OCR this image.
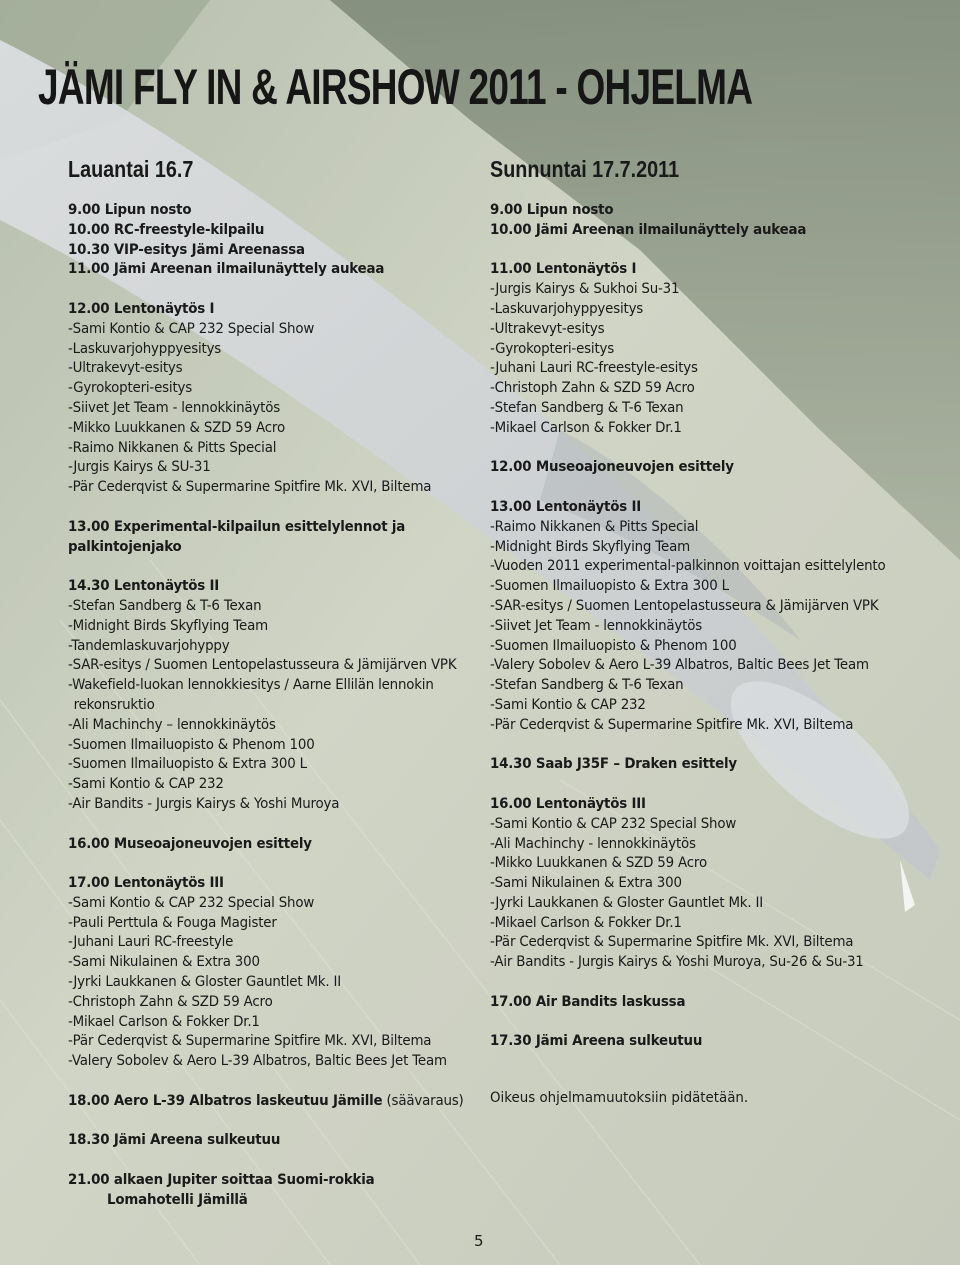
JÄMI FLY IN & AIRSHOW 2011 - OHJELMA
Lauantai 16.7
9.00 Lipun nosto
10.00 RC-freestyle-kilpailu
10.30 VIP-esitys Jämi Areenassa
11.00 Jämi Areenan ilmailunäyttely aukeaa
12.00 Lentonäytös I
-Sami Kontio & CAP 232 Special Show
-Laskuvarjohyppyesitys
-Ultrakevyt-esitys
-Gyrokopteri-esitys
-Siivet Jet Team - lennokkinäytös
-Mikko Luukkanen & SZD 59 Acro
-Raimo Nikkanen & Pitts Special
-Jurgis Kairys & SU-31
-Pär Cederqvist & Supermarine Spitfire Mk. XVI, Biltema
13.00 Experimental-kilpailun esittelylennot ja
palkintojenjako
14.30 Lentonäytös II
-Stefan Sandberg & T-6 Texan
-Midnight Birds Skyflying Team
-Tandemlaskuvarjohyppy
-SAR-esitys / Suomen Lentopelastusseura & Jämijärven VPK
-Wakefield-luokan lennokkiesitys / Aarne Ellilän lennokin
rekonsruktio
-Ali Machinchy – lennokkinäytös
-Suomen Ilmailuopisto & Phenom 100
-Suomen Ilmailuopisto & Extra 300 L
-Sami Kontio & CAP 232
-Air Bandits - Jurgis Kairys & Yoshi Muroya
16.00 Museoajoneuvojen esittely
17.00 Lentonäytös III
-Sami Kontio & CAP 232 Special Show
-Pauli Perttula & Fouga Magister
-Juhani Lauri RC-freestyle
-Sami Nikulainen & Extra 300
-Jyrki Laukkanen & Gloster Gauntlet Mk. II
-Christoph Zahn & SZD 59 Acro
-Mikael Carlson & Fokker Dr.1
-Pär Cederqvist & Supermarine Spitfire Mk. XVI, Biltema
-Valery Sobolev & Aero L-39 Albatros, Baltic Bees Jet Team
18.00 Aero L-39 Albatros laskeutuu Jämille (säävaraus)
18.30 Jämi Areena sulkeutuu
21.00 alkaen Jupiter soittaa Suomi-rokkia
Lomahotelli Jämillä
Sunnuntai 17.7.2011
9.00 Lipun nosto
10.00 Jämi Areenan ilmailunäyttely aukeaa
11.00 Lentonäytös I
-Jurgis Kairys & Sukhoi Su-31
-Laskuvarjohyppyesitys
-Ultrakevyt-esitys
-Gyrokopteri-esitys
-Juhani Lauri RC-freestyle-esitys
-Christoph Zahn & SZD 59 Acro
-Stefan Sandberg & T-6 Texan
-Mikael Carlson & Fokker Dr.1
12.00 Museoajoneuvojen esittely
13.00 Lentonäytös II
-Raimo Nikkanen & Pitts Special
-Midnight Birds Skyflying Team
-Vuoden 2011 experimental-palkinnon voittajan esittelylento
-Suomen Ilmailuopisto & Extra 300 L
-SAR-esitys / Suomen Lentopelastusseura & Jämijärven VPK
-Siivet Jet Team - lennokkinäytös
-Suomen Ilmailuopisto & Phenom 100
-Valery Sobolev & Aero L-39 Albatros, Baltic Bees Jet Team
-Stefan Sandberg & T-6 Texan
-Sami Kontio & CAP 232
-Pär Cederqvist & Supermarine Spitfire Mk. XVI, Biltema
14.30 Saab J35F – Draken esittely
16.00 Lentonäytös III
-Sami Kontio & CAP 232 Special Show
-Ali Machinchy - lennokkinäytös
-Mikko Luukkanen & SZD 59 Acro
-Sami Nikulainen & Extra 300
-Jyrki Laukkanen & Gloster Gauntlet Mk. II
-Mikael Carlson & Fokker Dr.1
-Pär Cederqvist & Supermarine Spitfire Mk. XVI, Biltema
-Air Bandits - Jurgis Kairys & Yoshi Muroya, Su-26 & Su-31
17.00 Air Bandits laskussa
17.30 Jämi Areena sulkeutuu
Oikeus ohjelmamuutoksiin pidätetään.
5
